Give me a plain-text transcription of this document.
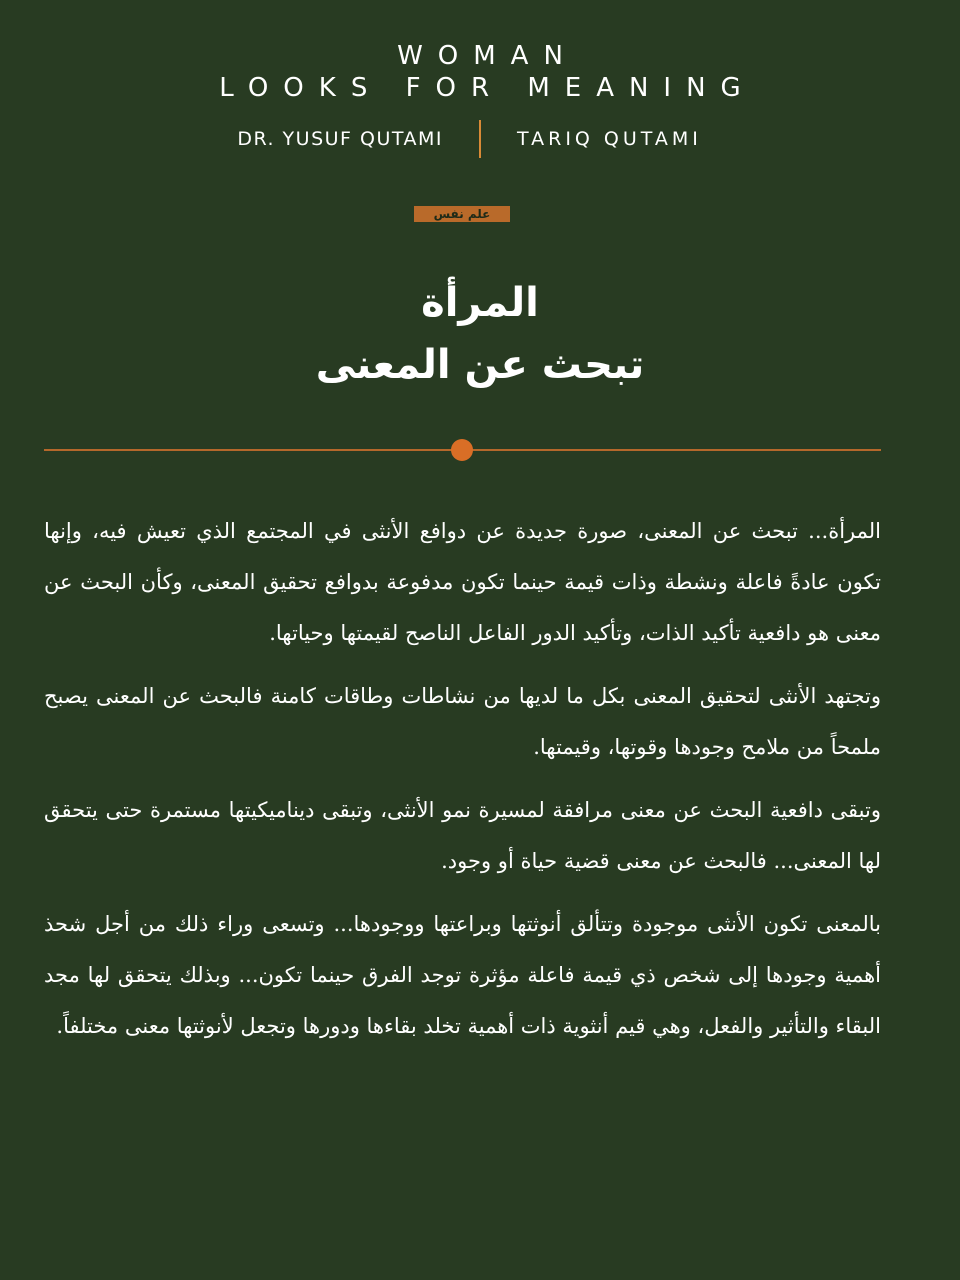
WOMAN
LOOKS FOR MEANING
DR. YUSUF QUTAMI	TARIQ QUTAMI
علم نفس
المرأة
تبحث عن المعنى

المرأة... تبحث عن المعنى، صورة جديدة عن دوافع الأنثى في المجتمع الذي تعيش فيه، وإنها تكون عادةً فاعلة ونشطة وذات قيمة حينما تكون مدفوعة بدوافع تحقيق المعنى، وكأن البحث عن معنى هو دافعية تأكيد الذات، وتأكيد الدور الفاعل الناصح لقيمتها وحياتها.

وتجتهد الأنثى لتحقيق المعنى بكل ما لديها من نشاطات وطاقات كامنة فالبحث عن المعنى يصبح ملمحاً من ملامح وجودها وقوتها، وقيمتها.

وتبقى دافعية البحث عن معنى مرافقة لمسيرة نمو الأنثى، وتبقى ديناميكيتها مستمرة حتى يتحقق لها المعنى... فالبحث عن معنى قضية حياة أو وجود.

بالمعنى تكون الأنثى موجودة وتتألق أنوثتها وبراعتها ووجودها... وتسعى وراء ذلك من أجل شحذ أهمية وجودها إلى شخص ذي قيمة فاعلة مؤثرة توجد الفرق حينما تكون... وبذلك يتحقق لها مجد البقاء والتأثير والفعل، وهي قيم أنثوية ذات أهمية تخلد بقاءها ودورها وتجعل لأنوثتها معنى مختلفاً.
